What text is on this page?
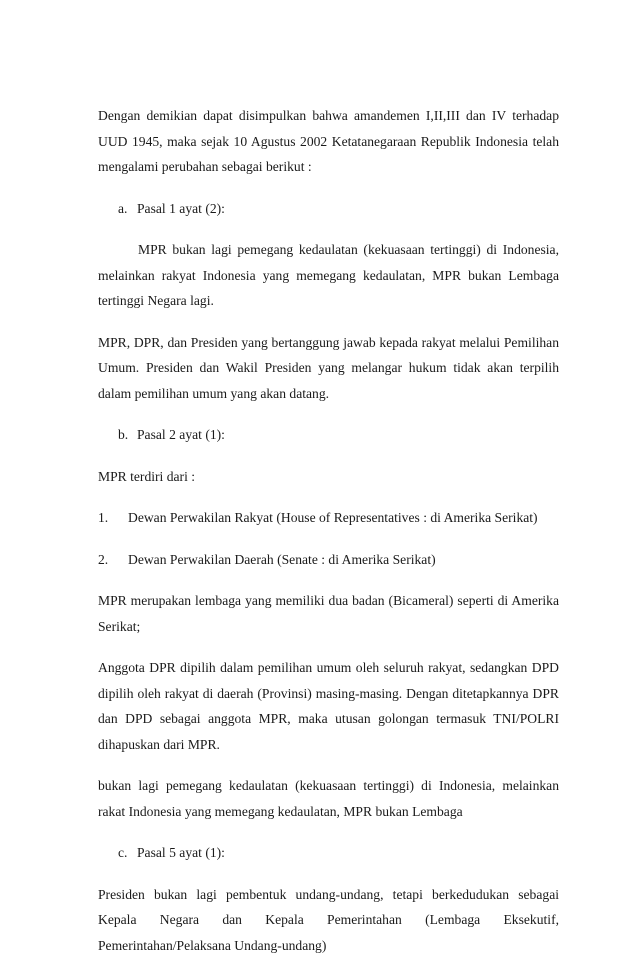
Dengan demikian dapat disimpulkan bahwa amandemen I,II,III dan IV terhadap UUD 1945, maka sejak 10 Agustus 2002 Ketatanegaraan Republik Indonesia telah mengalami perubahan sebagai berikut :

a. Pasal 1 ayat (2):

MPR bukan lagi pemegang kedaulatan (kekuasaan tertinggi) di Indonesia, melainkan rakyat Indonesia yang memegang kedaulatan, MPR bukan Lembaga tertinggi Negara lagi.

MPR, DPR, dan Presiden yang bertanggung jawab kepada rakyat melalui Pemilihan Umum. Presiden dan Wakil Presiden yang melangar hukum tidak akan terpilih dalam pemilihan umum yang akan datang.

b. Pasal 2 ayat (1):

MPR terdiri dari :

1.	Dewan Perwakilan Rakyat (House of Representatives : di Amerika Serikat)
2.	Dewan Perwakilan Daerah (Senate : di Amerika Serikat)

MPR merupakan lembaga yang memiliki dua badan (Bicameral) seperti di Amerika Serikat;

Anggota DPR dipilih dalam pemilihan umum oleh seluruh rakyat, sedangkan DPD dipilih oleh rakyat di daerah (Provinsi) masing-masing. Dengan ditetapkannya DPR dan DPD sebagai anggota MPR, maka utusan golongan termasuk TNI/POLRI dihapuskan dari MPR.

bukan lagi pemegang kedaulatan (kekuasaan tertinggi) di Indonesia, melainkan rakat Indonesia yang memegang kedaulatan, MPR bukan Lembaga

c. Pasal 5 ayat (1):

Presiden bukan lagi pembentuk undang-undang, tetapi berkedudukan sebagai Kepala Negara dan Kepala Pemerintahan (Lembaga Eksekutif, Pemerintahan/Pelaksana Undang-undang)
